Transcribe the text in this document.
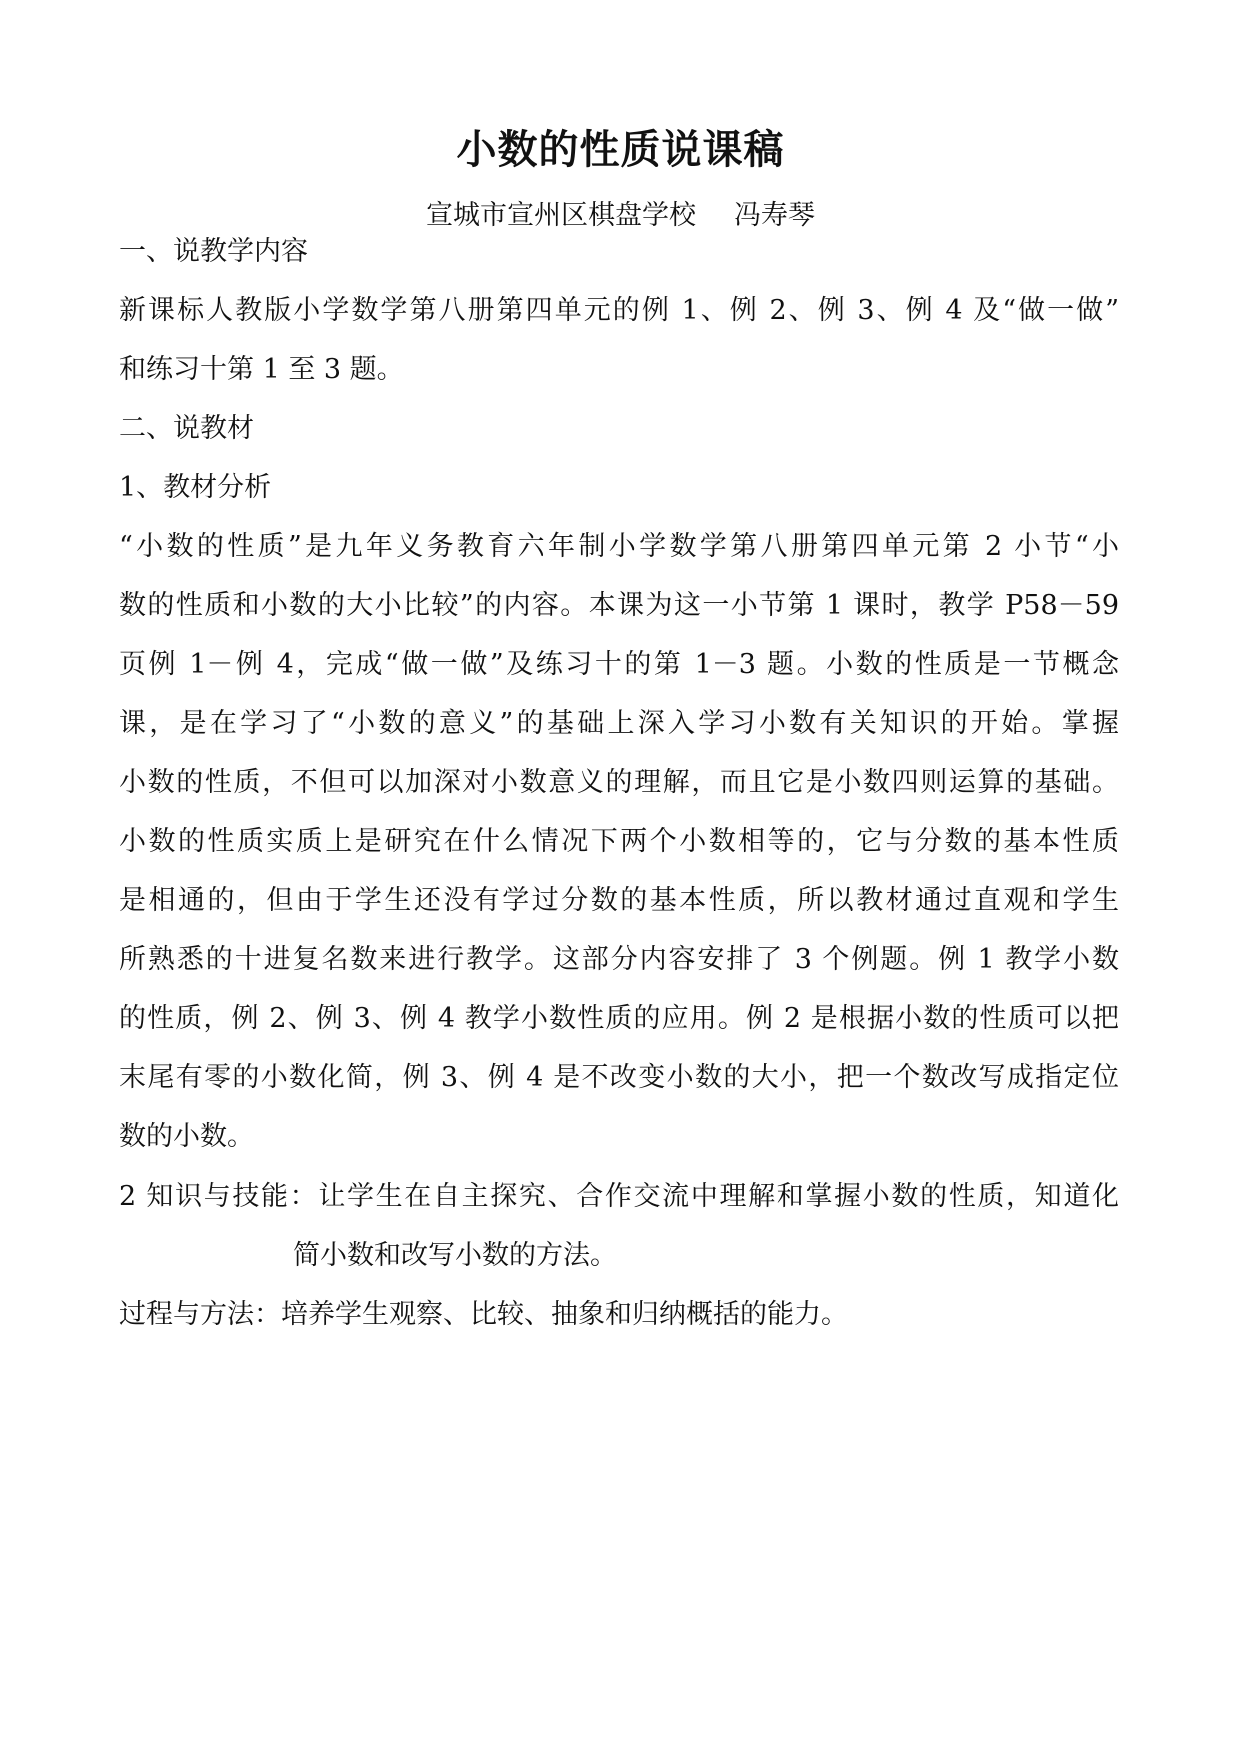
小数的性质说课稿
宣城市宣州区棋盘学校 冯寿琴
一、说教学内容
新课标人教版小学数学第八册第四单元的例 1、例 2、例 3、例 4 及“做一做”
和练习十第 1 至 3 题。
二、说教材
1、教材分析
“小数的性质”是九年义务教育六年制小学数学第八册第四单元第 2 小节“小
数的性质和小数的大小比较”的内容。本课为这一小节第 1 课时，教学 P58－59
页例 1－例 4，完成“做一做”及练习十的第 1－3 题。小数的性质是一节概念
课，是在学习了“小数的意义”的基础上深入学习小数有关知识的开始。掌握
小数的性质，不但可以加深对小数意义的理解，而且它是小数四则运算的基础。
小数的性质实质上是研究在什么情况下两个小数相等的，它与分数的基本性质
是相通的，但由于学生还没有学过分数的基本性质，所以教材通过直观和学生
所熟悉的十进复名数来进行教学。这部分内容安排了 3 个例题。例 1 教学小数
的性质，例 2、例 3、例 4 教学小数性质的应用。例 2 是根据小数的性质可以把
末尾有零的小数化简，例 3、例 4 是不改变小数的大小，把一个数改写成指定位
数的小数。
2 知识与技能：让学生在自主探究、合作交流中理解和掌握小数的性质，知道化
简小数和改写小数的方法。
过程与方法：培养学生观察、比较、抽象和归纳概括的能力。
